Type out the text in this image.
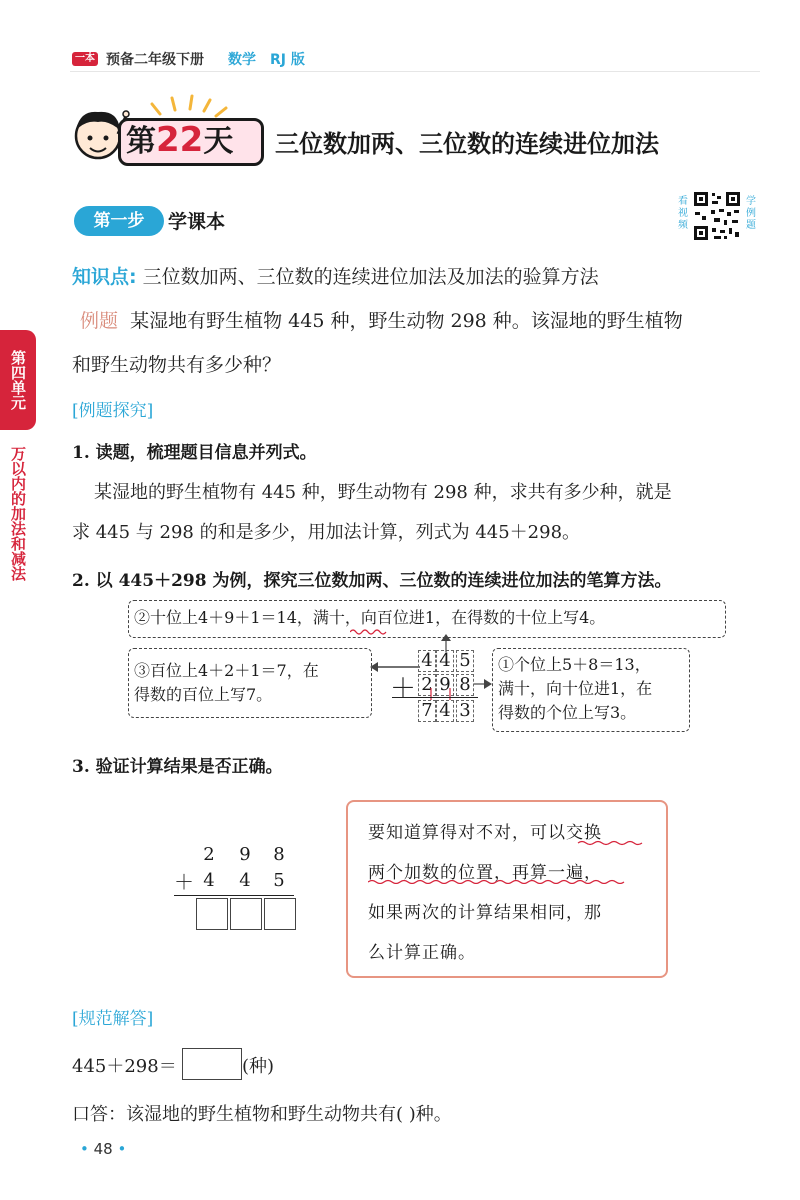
一本 预备二年级下册 数学 RJ 版
第22天 三位数加两、三位数的连续进位加法
第一步	学课本
看视频
学例题
第四单元
万以内的加法和减法
知识点: 三位数加两、三位数的连续进位加法及加法的验算方法
例题 某湿地有野生植物 445 种，野生动物 298 种。该湿地的野生植物
和野生动物共有多少种？
[例题探究]
1. 读题，梳理题目信息并列式。
某湿地的野生植物有 445 种，野生动物有 298 种，求共有多少种，就是
求 445 与 298 的和是多少，用加法计算，列式为 445＋298。
2. 以 445＋298 为例，探究三位数加两、三位数的连续进位加法的笔算方法。
②十位上4＋9＋1＝14，满十，向百位进1，在得数的十位上写4。
③百位上4＋2＋1＝7，在
得数的百位上写7。	＋
4 4 5
2 9 8
7 4 3
①个位上5＋8＝13，
满十，向十位进1，在
得数的个位上写3。
3. 验证计算结果是否正确。
2 9 8
＋ 4 4 5
要知道算得对不对，可以交换
两个加数的位置，再算一遍，
如果两次的计算结果相同，那
么计算正确。
[规范解答]
445＋298＝	(种)
口答：该湿地的野生植物和野生动物共有( )种。
• 48 •
